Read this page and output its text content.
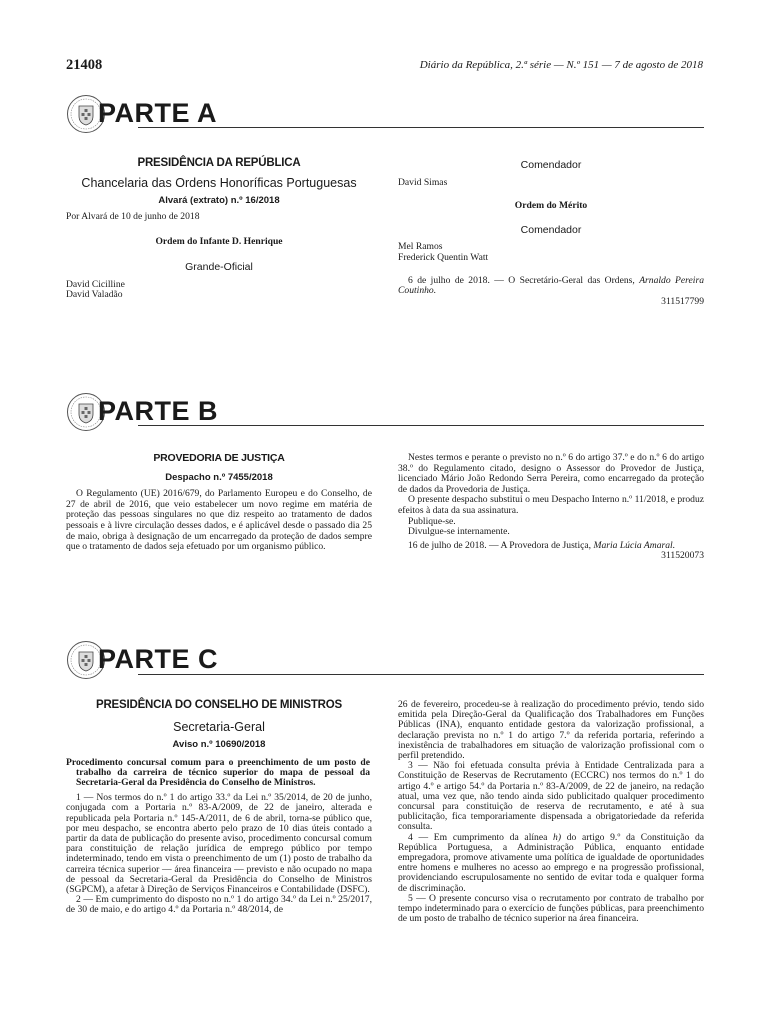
21408	Diário da República, 2.ª série — N.º 151 — 7 de agosto de 2018
PARTE A
PRESIDÊNCIA DA REPÚBLICA
Chancelaria das Ordens Honoríficas Portuguesas
Alvará (extrato) n.º 16/2018

Por Alvará de 10 de junho de 2018

Ordem do Infante D. Henrique
Grande-Oficial

David Cicilline

David Valadão

Comendador

David Simas

Ordem do Mérito
Comendador

Mel Ramos

Frederick Quentin Watt

6 de julho de 2018. — O Secretário-Geral das Ordens, Arnaldo Pereira Coutinho.

311517799

PARTE B
PROVEDORIA DE JUSTIÇA
Despacho n.º 7455/2018

O Regulamento (UE) 2016/679, do Parlamento Europeu e do Conselho, de 27 de abril de 2016, que veio estabelecer um novo regime em matéria de proteção das pessoas singulares no que diz respeito ao tratamento de dados pessoais e à livre circulação desses dados, e é aplicável desde o passado dia 25 de maio, obriga à designação de um encarregado da proteção de dados sempre que o tratamento de dados seja efetuado por um organismo público.

Nestes termos e perante o previsto no n.º 6 do artigo 37.º e do n.º 6 do artigo 38.º do Regulamento citado, designo o Assessor do Provedor de Justiça, licenciado Mário João Redondo Serra Pereira, como encarregado da proteção de dados da Provedoria de Justiça.

O presente despacho substitui o meu Despacho Interno n.º 11/2018, e produz efeitos à data da sua assinatura.

Publique-se.

Divulgue-se internamente.

16 de julho de 2018. — A Provedora de Justiça, Maria Lúcia Amaral.

311520073

PARTE C
PRESIDÊNCIA DO CONSELHO DE MINISTROS
Secretaria-Geral
Aviso n.º 10690/2018

Procedimento concursal comum para o preenchimento de um posto de trabalho da carreira de técnico superior do mapa de pessoal da Secretaria-Geral da Presidência do Conselho de Ministros.

1 — Nos termos do n.º 1 do artigo 33.º da Lei n.º 35/2014, de 20 de junho, conjugada com a Portaria n.º 83-A/2009, de 22 de janeiro, alterada e republicada pela Portaria n.º 145-A/2011, de 6 de abril, torna-se público que, por meu despacho, se encontra aberto pelo prazo de 10 dias úteis contado a partir da data de publicação do presente aviso, procedimento concursal comum para constituição de relação jurídica de emprego público por tempo indeterminado, tendo em vista o preenchimento de um (1) posto de trabalho da carreira técnica superior — área financeira — previsto e não ocupado no mapa de pessoal da Secretaria-Geral da Presidência do Conselho de Ministros (SGPCM), a afetar à Direção de Serviços Financeiros e Contabilidade (DSFC).

2 — Em cumprimento do disposto no n.º 1 do artigo 34.º da Lei n.º 25/2017, de 30 de maio, e do artigo 4.º da Portaria n.º 48/2014, de

26 de fevereiro, procedeu-se à realização do procedimento prévio, tendo sido emitida pela Direção-Geral da Qualificação dos Trabalhadores em Funções Públicas (INA), enquanto entidade gestora da valorização profissional, a declaração prevista no n.º 1 do artigo 7.º da referida portaria, referindo a inexistência de trabalhadores em situação de valorização profissional com o perfil pretendido.

3 — Não foi efetuada consulta prévia à Entidade Centralizada para a Constituição de Reservas de Recrutamento (ECCRC) nos termos do n.º 1 do artigo 4.º e artigo 54.º da Portaria n.º 83-A/2009, de 22 de janeiro, na redação atual, uma vez que, não tendo ainda sido publicitado qualquer procedimento concursal para constituição de reserva de recrutamento, e até à sua publicitação, fica temporariamente dispensada a obrigatoriedade da referida consulta.

4 — Em cumprimento da alínea h) do artigo 9.º da Constituição da República Portuguesa, a Administração Pública, enquanto entidade empregadora, promove ativamente uma política de igualdade de oportunidades entre homens e mulheres no acesso ao emprego e na progressão profissional, providenciando escrupulosamente no sentido de evitar toda e qualquer forma de discriminação.

5 — O presente concurso visa o recrutamento por contrato de trabalho por tempo indeterminado para o exercício de funções públicas, para preenchimento de um posto de trabalho de técnico superior na área financeira.
